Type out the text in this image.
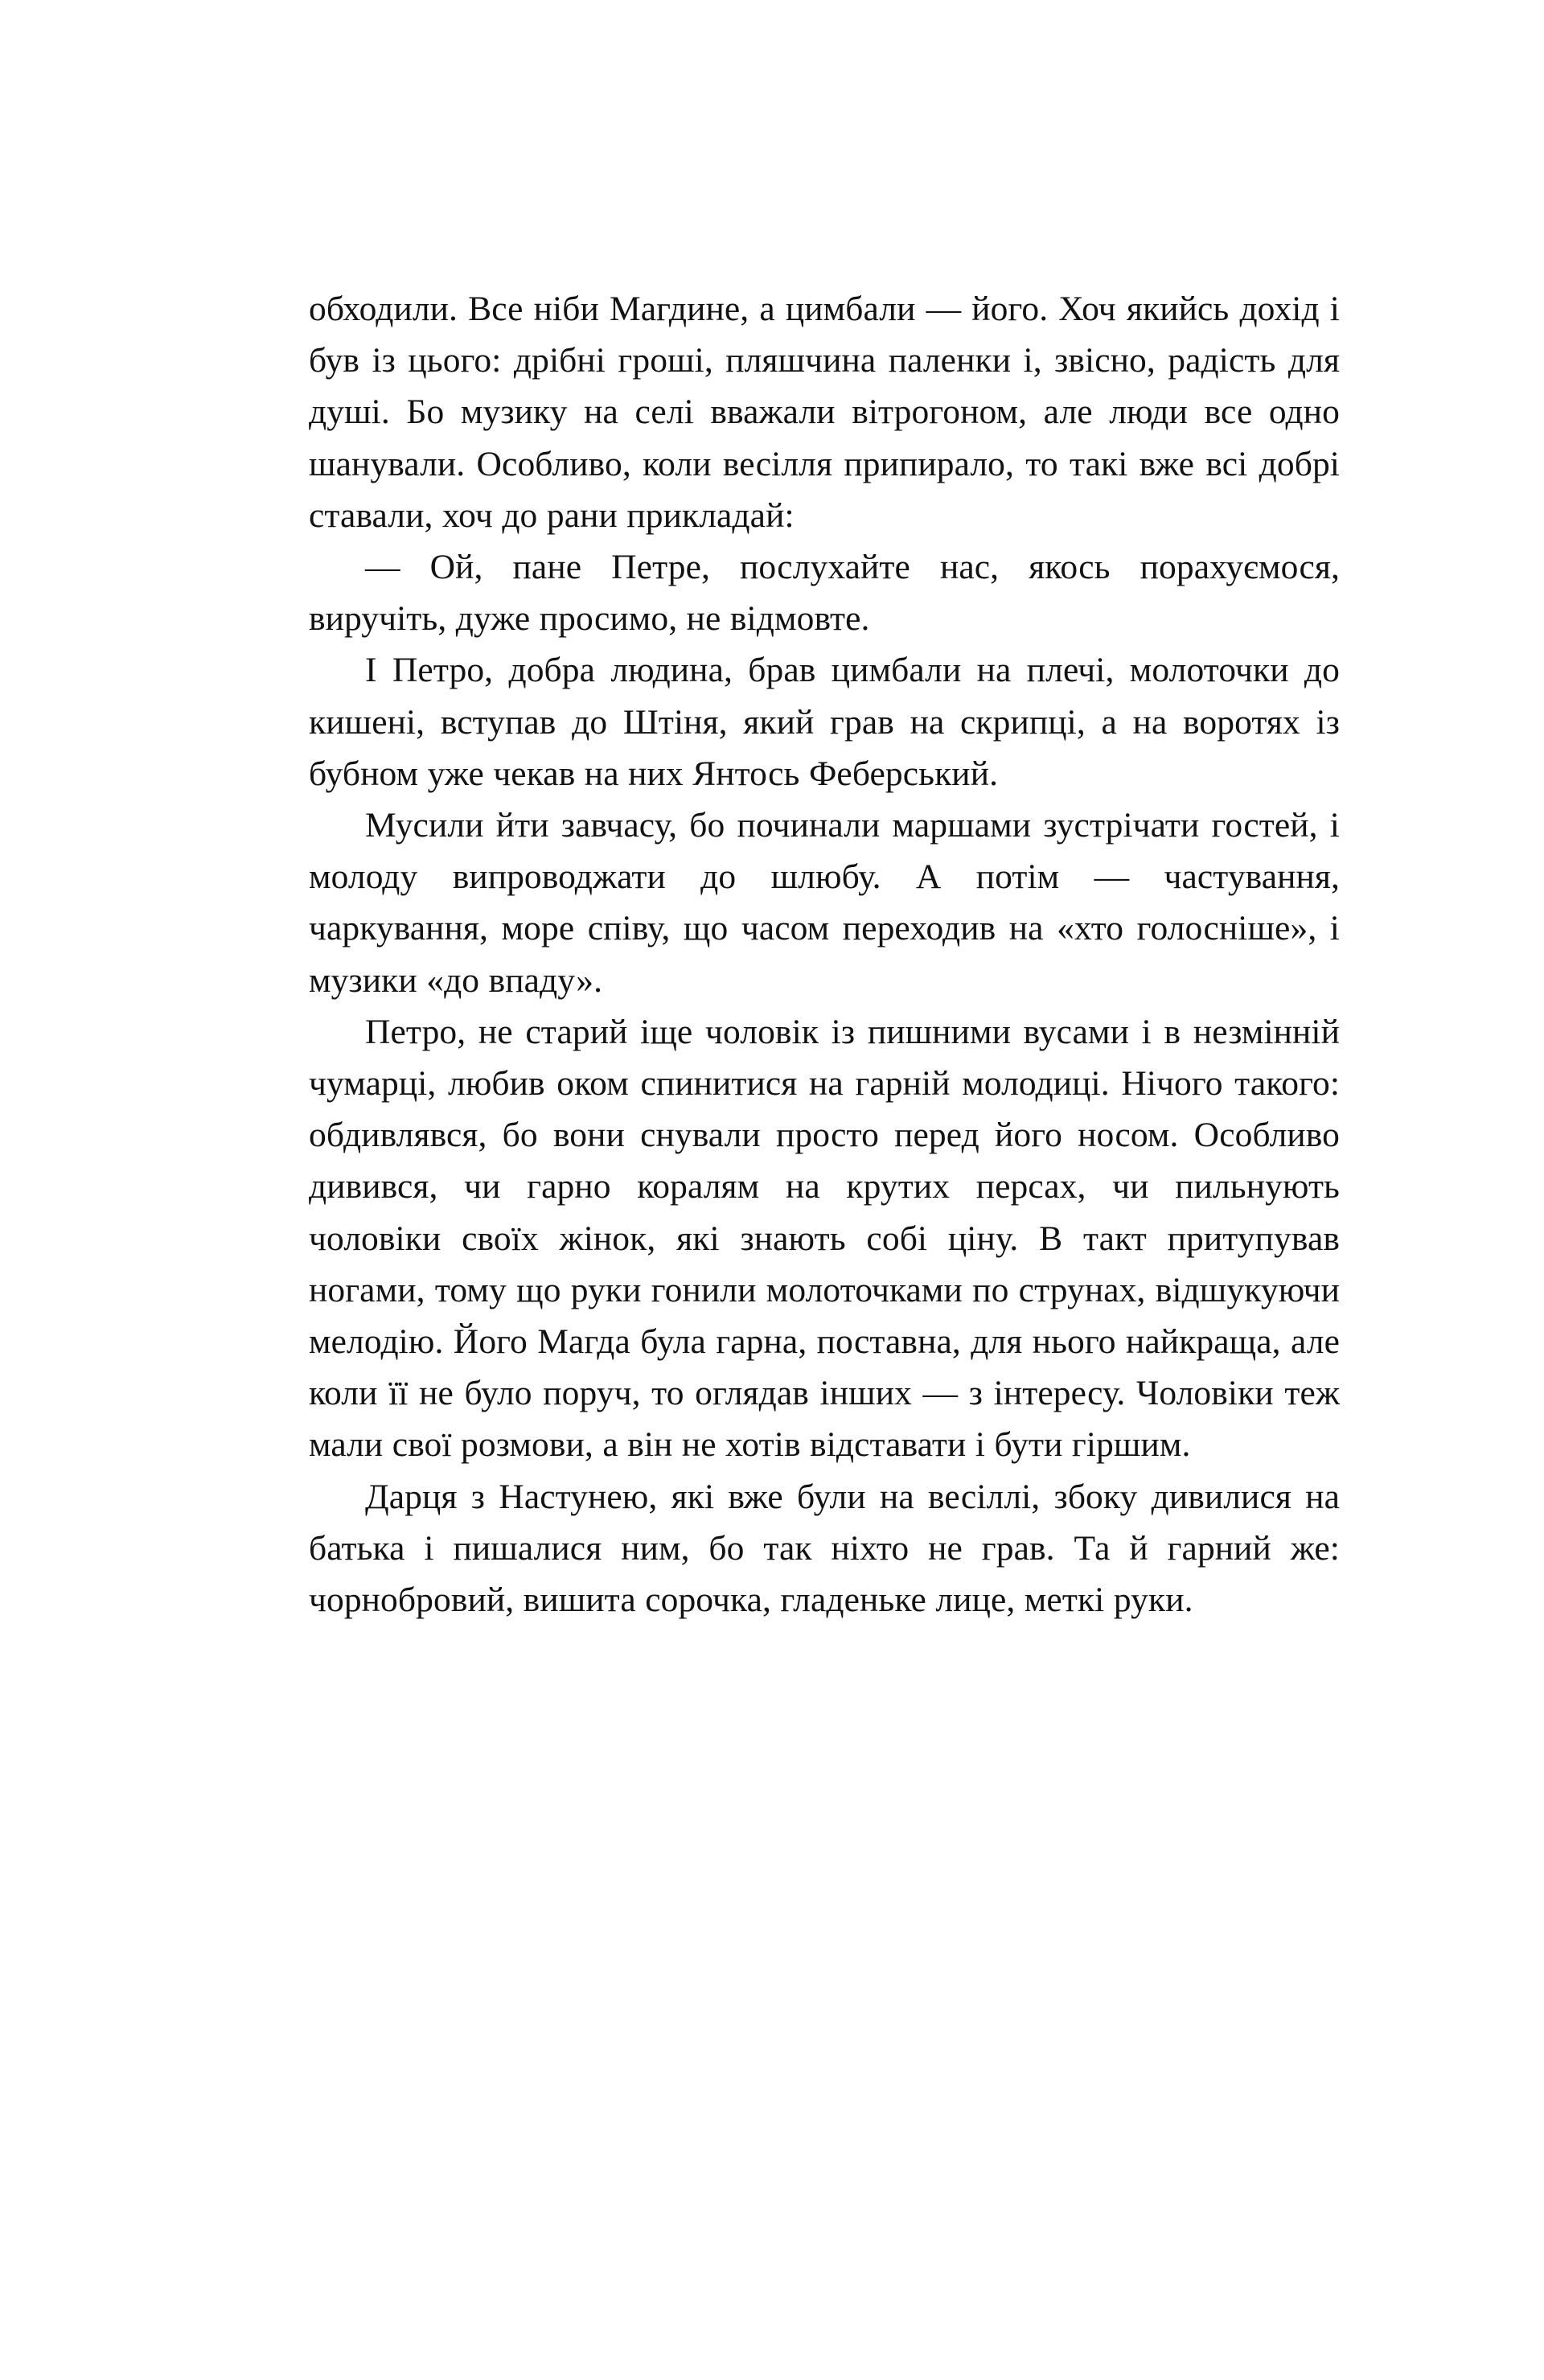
обходили. Все ніби Магдине, а цимбали — його. Хоч якийсь дохід і був із цього: дрібні гроші, пляшчина паленки і, звісно, радість для душі. Бо музику на селі вважали вітрогоном, але люди все одно шанували. Особливо, коли весілля припирало, то такі вже всі добрі ставали, хоч до рани прикладай:

— Ой, пане Петре, послухайте нас, якось порахуємося, виручіть, дуже просимо, не відмовте.

І Петро, добра людина, брав цимбали на плечі, молоточки до кишені, вступав до Штіня, який грав на скрипці, а на воротях із бубном уже чекав на них Янтось Феберський.

Мусили йти завчасу, бо починали маршами зустрічати гостей, і молоду випроводжати до шлюбу. А потім — частування, чаркування, море співу, що часом переходив на «хто голосніше», і музики «до впаду».

Петро, не старий іще чоловік із пишними вусами і в незмінній чумарці, любив оком спинитися на гарній молодиці. Нічого такого: обдивлявся, бо вони снували просто перед його носом. Особливо дивився, чи гарно коралям на крутих персах, чи пильнують чоловіки своїх жінок, які знають собі ціну. В такт притупував ногами, тому що руки гонили молоточками по струнах, відшукуючи мелодію. Його Магда була гарна, поставна, для нього найкраща, але коли її не було поруч, то оглядав інших — з інтересу. Чоловіки теж мали свої розмови, а він не хотів відставати і бути гіршим.

Дарця з Настунею, які вже були на весіллі, збоку дивилися на батька і пишалися ним, бо так ніхто не грав. Та й гарний же: чорнобровий, вишита сорочка, гладеньке лице, меткі руки.
